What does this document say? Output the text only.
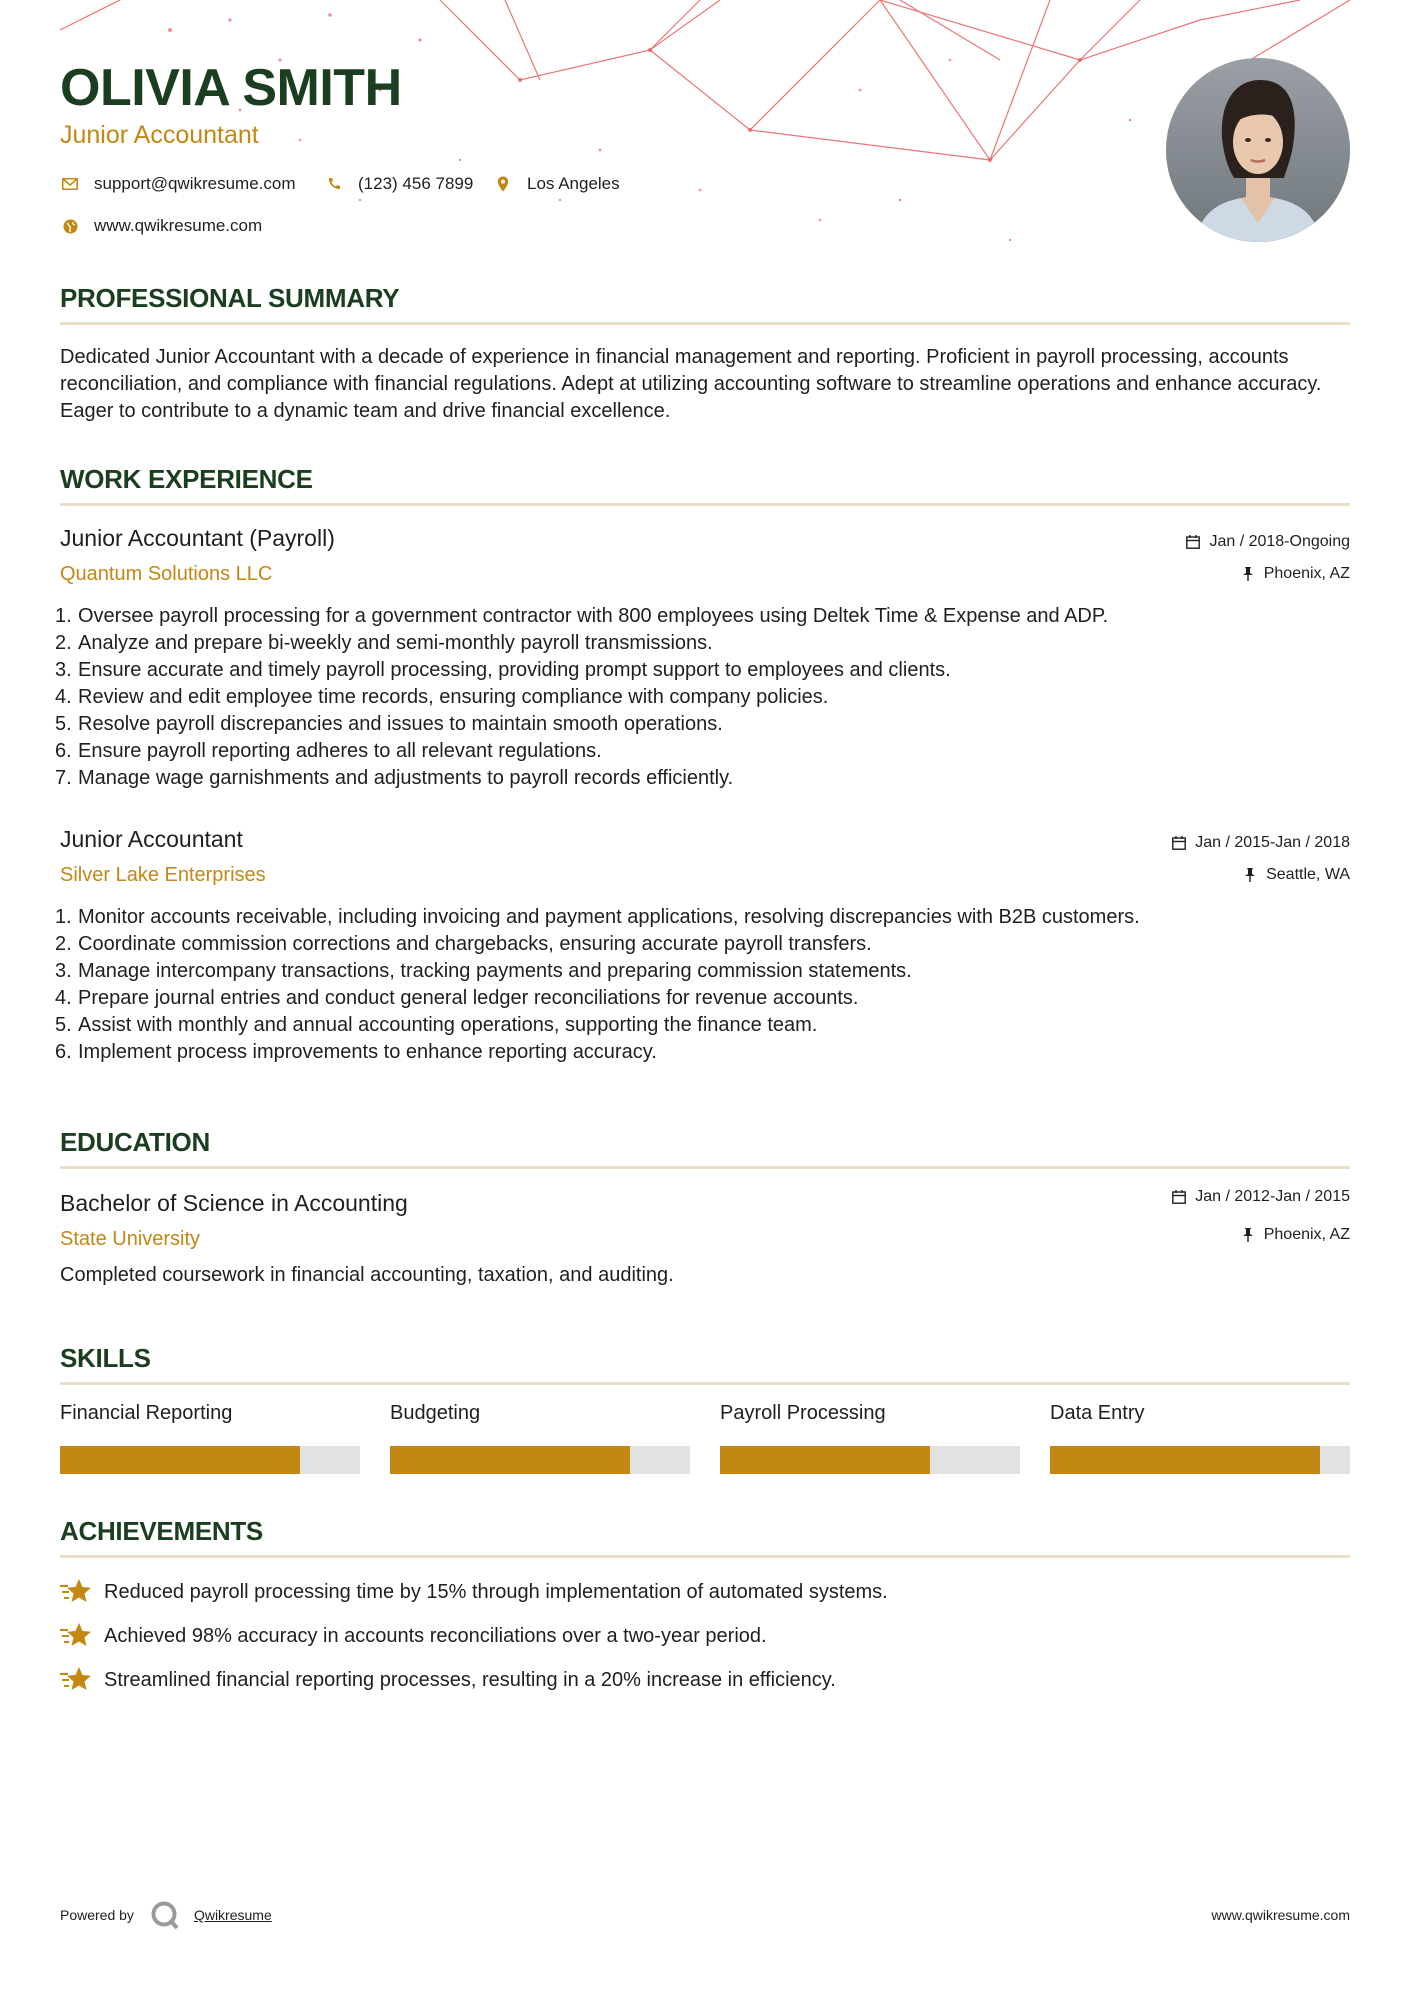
OLIVIA SMITH
Junior Accountant
support@qwikresume.com	(123) 456 7899	Los Angeles
www.qwikresume.com
PROFESSIONAL SUMMARY
Dedicated Junior Accountant with a decade of experience in financial management and reporting. Proficient in payroll processing, accounts reconciliation, and compliance with financial regulations. Adept at utilizing accounting software to streamline operations and enhance accuracy. Eager to contribute to a dynamic team and drive financial excellence.
WORK EXPERIENCE
Junior Accountant (Payroll)
Quantum Solutions LLC
Jan / 2018-Ongoing
Phoenix, AZ
1. Oversee payroll processing for a government contractor with 800 employees using Deltek Time & Expense and ADP.
2. Analyze and prepare bi-weekly and semi-monthly payroll transmissions.
3. Ensure accurate and timely payroll processing, providing prompt support to employees and clients.
4. Review and edit employee time records, ensuring compliance with company policies.
5. Resolve payroll discrepancies and issues to maintain smooth operations.
6. Ensure payroll reporting adheres to all relevant regulations.
7. Manage wage garnishments and adjustments to payroll records efficiently.
Junior Accountant
Silver Lake Enterprises
Jan / 2015-Jan / 2018
Seattle, WA
1. Monitor accounts receivable, including invoicing and payment applications, resolving discrepancies with B2B customers.
2. Coordinate commission corrections and chargebacks, ensuring accurate payroll transfers.
3. Manage intercompany transactions, tracking payments and preparing commission statements.
4. Prepare journal entries and conduct general ledger reconciliations for revenue accounts.
5. Assist with monthly and annual accounting operations, supporting the finance team.
6. Implement process improvements to enhance reporting accuracy.
EDUCATION
Bachelor of Science in Accounting
State University
Jan / 2012-Jan / 2015
Phoenix, AZ
Completed coursework in financial accounting, taxation, and auditing.
SKILLS
Financial Reporting	Budgeting	Payroll Processing	Data Entry
ACHIEVEMENTS
Reduced payroll processing time by 15% through implementation of automated systems.
Achieved 98% accuracy in accounts reconciliations over a two-year period.
Streamlined financial reporting processes, resulting in a 20% increase in efficiency.
Powered by	Qwikresume	www.qwikresume.com
